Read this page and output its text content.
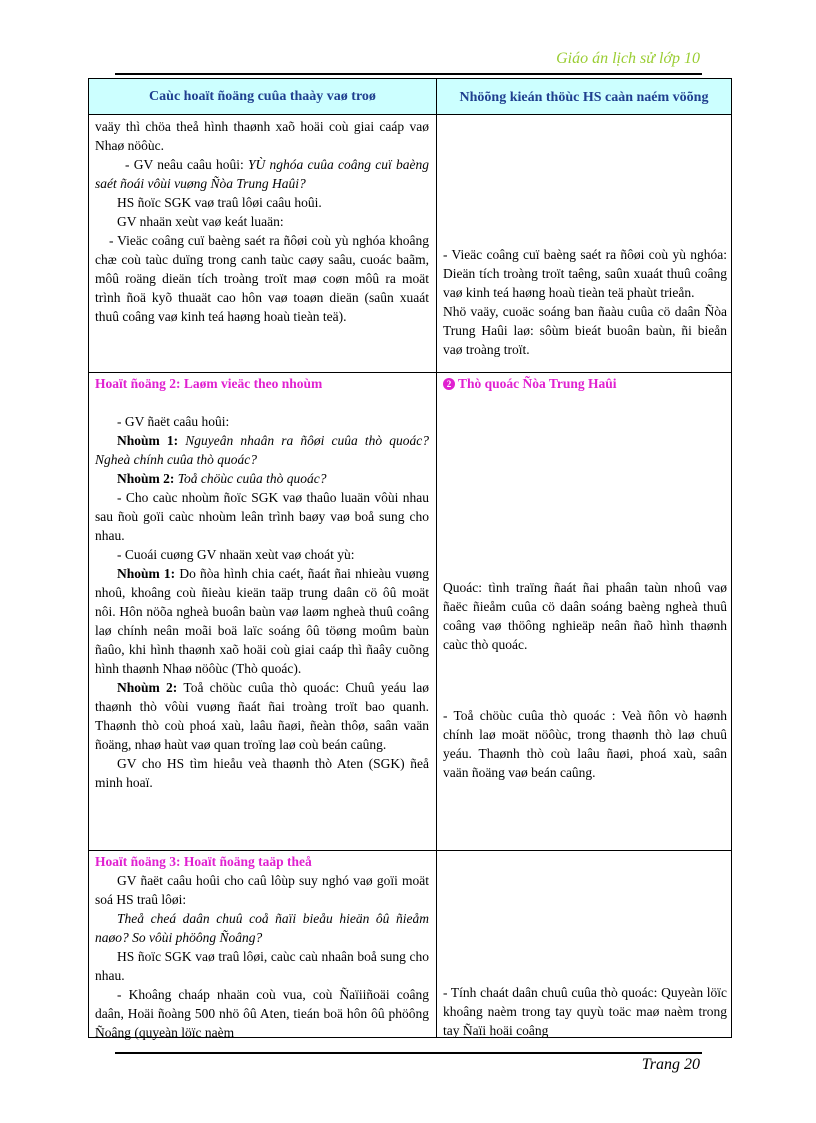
Giáo án lịch sử lớp 10
Caùc hoaït ñoäng cuûa thaày vaø troø	Nhöõng kieán thöùc HS caàn naém vöõng

vaäy thì chöa theå hình thaønh xaõ hoäi coù giai caáp vaø Nhaø nöôùc.

- GV neâu caâu hoûi: YÙ nghóa cuûa coâng cuï baèng saét ñoái vôùi vuøng Ñòa Trung Haûi?

HS ñoïc SGK vaø traû lôøi caâu hoûi.

GV nhaän xeùt vaø keát luaän:

- Vieäc coâng cuï baèng saét ra ñôøi coù yù nghóa khoâng chæ coù taùc duïng trong canh taùc caøy saâu, cuoác baãm, môû roäng dieän tích troàng troït maø coøn môû ra moät trình ñoä kyõ thuaät cao hôn vaø toaøn dieän (saûn xuaát thuû coâng vaø kinh teá haøng hoaù tieàn teä).

- Vieäc coâng cuï baèng saét ra ñôøi coù yù nghóa: Dieän tích troàng troït taêng, saûn xuaát thuû coâng vaø kinh teá haøng hoaù tieàn teä phaùt trieån.

Nhö vaäy, cuoäc soáng ban ñaàu cuûa cö daân Ñòa Trung Haûi laø: sôùm bieát buoân baùn, ñi bieån vaø troàng troït.

Hoaït ñoäng 2: Laøm vieäc theo nhoùm

- GV ñaët caâu hoûi:

Nhoùm 1: Nguyeân nhaân ra ñôøi cuûa thò quoác? Ngheà chính cuûa thò quoác?

Nhoùm 2: Toå chöùc cuûa thò quoác?

- Cho caùc nhoùm ñoïc SGK vaø thaûo luaän vôùi nhau sau ñoù goïi caùc nhoùm leân trình baøy vaø boå sung cho nhau.

- Cuoái cuøng GV nhaän xeùt vaø choát yù:

Nhoùm 1: Do ñòa hình chia caét, ñaát ñai nhieàu vuøng nhoû, khoâng coù ñieàu kieän taäp trung daân cö ôû moät nôi. Hôn nöõa ngheà buoân baùn vaø laøm ngheà thuû coâng laø chính neân moãi boä laïc soáng ôû töøng moûm baùn ñaûo, khi hình thaønh xaõ hoäi coù giai caáp thì ñaây cuõng hình thaønh Nhaø nöôùc (Thò quoác).

Nhoùm 2: Toå chöùc cuûa thò quoác: Chuû yeáu laø thaønh thò vôùi vuøng ñaát ñai troàng troït bao quanh. Thaønh thò coù phoá xaù, laâu ñaøi, ñeàn thôø, saân vaän ñoäng, nhaø haùt vaø quan troïng laø coù beán caûng.

GV cho HS tìm hieåu veà thaønh thò Aten (SGK) ñeå minh hoaï.

2 Thò quoác Ñòa Trung Haûi

Quoác: tình traïng ñaát ñai phaân taùn nhoû vaø ñaëc ñieåm cuûa cö daân soáng baèng ngheà thuû coâng vaø thöông nghieäp neân ñaõ hình thaønh caùc thò quoác.

- Toå chöùc cuûa thò quoác : Veà ñôn vò haønh chính laø moät nöôùc, trong thaønh thò laø chuû yeáu. Thaønh thò coù laâu ñaøi, phoá xaù, saân vaän ñoäng vaø beán caûng.

Hoaït ñoäng 3: Hoaït ñoäng taäp theå

GV ñaët caâu hoûi cho caû lôùp suy nghó vaø goïi moät soá HS traû lôøi:

Theå cheá daân chuû coå ñaïi bieåu hieän ôû ñieåm naøo? So vôùi phöông Ñoâng?

HS ñoïc SGK vaø traû lôøi, caùc caù nhaân boå sung cho nhau.

- Khoâng chaáp nhaän coù vua, coù Ñaïiiñoäi coâng daân, Hoäi ñoàng 500 nhö ôû Aten, tieán boä hôn ôû phöông Ñoâng (quyeàn löïc naèm

- Tính chaát daân chuû cuûa thò quoác: Quyeàn löïc khoâng naèm trong tay quyù toäc maø naèm trong tay Ñaïi hoäi coâng

Trang 20
